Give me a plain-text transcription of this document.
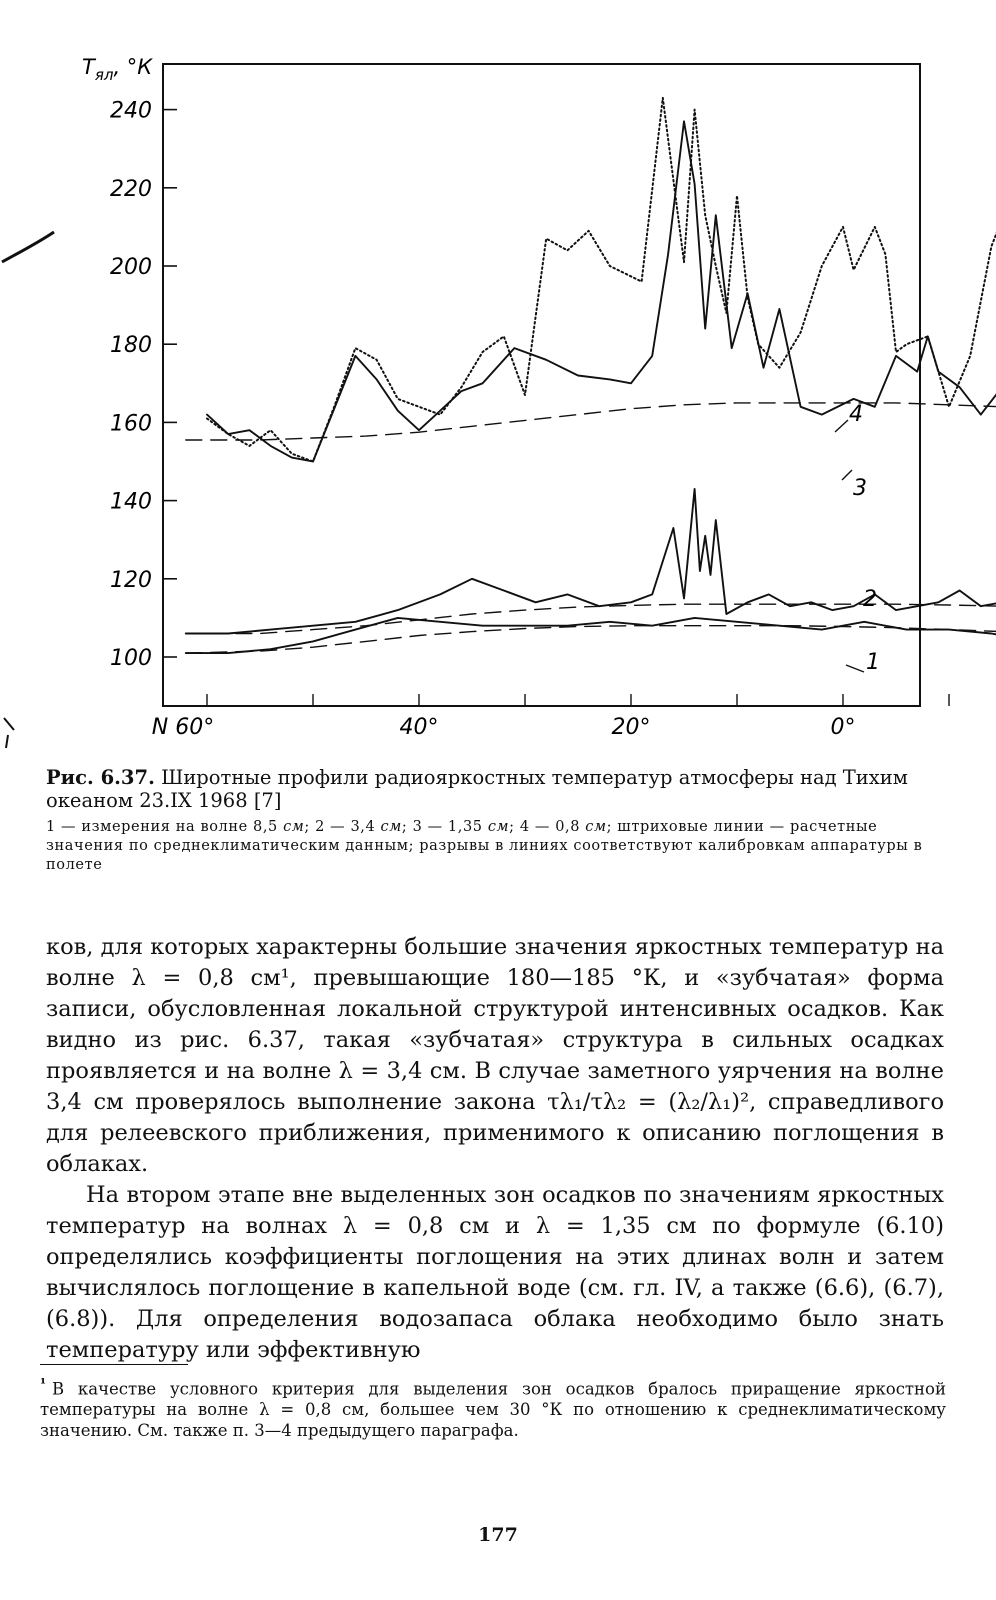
$T_{ял}$, °К
240
220
200
180
160
140
120
100
N 60°	40°	20°	0°
4
3
2
1
Рис. 6.37. Широтные профили радиояркостных температур атмосферы над Тихим океаном 23.IX 1968 [7]
1 — измерения на волне 8,5 см; 2 — 3,4 см; 3 — 1,35 см; 4 — 0,8 см; штриховые линии — расчетные значения по среднеклиматическим данным; разрывы в линиях соответствуют калибровкам аппаратуры в полете

ков, для которых характерны большие значения яркостных температур на волне λ = 0,8 см¹, превышающие 180—185 °К, и «зубчатая» форма записи, обусловленная локальной структурой интенсивных осадков. Как видно из рис. 6.37, такая «зубчатая» структура в сильных осадках проявляется и на волне λ = 3,4 см. В случае заметного уярчения на волне 3,4 см проверялось выполнение закона τλ₁/τλ₂ = (λ₂/λ₁)², справедливого для релеевского приближения, применимого к описанию поглощения в облаках.

На втором этапе вне выделенных зон осадков по значениям яркостных температур на волнах λ = 0,8 см и λ = 1,35 см по формуле (6.10) определялись коэффициенты поглощения на этих длинах волн и затем вычислялось поглощение в капельной воде (см. гл. IV, а также (6.6), (6.7), (6.8)). Для определения водозапаса облака необходимо было знать температуру или эффективную

$^{^1}$ В качестве условного критерия для выделения зон осадков бралось приращение яркостной температуры на волне λ = 0,8 см, большее чем 30 °К по отношению к среднеклиматическому значению. См. также п. 3—4 предыдущего параграфа.
177
